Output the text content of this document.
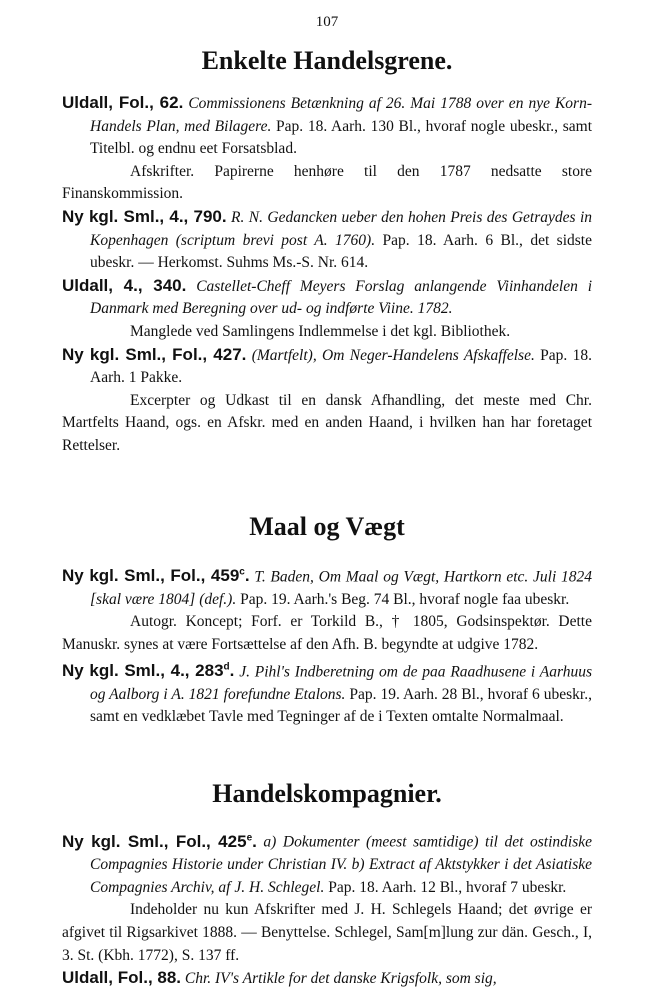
107
Enkelte Handelsgrene.

Uldall, Fol., 62. Commissionens Betænkning af 26. Mai 1788 over en nye Korn-Handels Plan, med Bilagere. Pap. 18. Aarh. 130 Bl., hvoraf nogle ubeskr., samt Titelbl. og endnu eet Forsatsblad.

Afskrifter. Papirerne henhøre til den 1787 nedsatte store Finanskommission.

Ny kgl. Sml., 4., 790. R. N. Gedancken ueber den hohen Preis des Getraydes in Kopenhagen (scriptum brevi post A. 1760). Pap. 18. Aarh. 6 Bl., det sidste ubeskr. — Herkomst. Suhms Ms.-S. Nr. 614.

Uldall, 4., 340. Castellet-Cheff Meyers Forslag anlangende Viinhandelen i Danmark med Beregning over ud- og indførte Viine. 1782.

Manglede ved Samlingens Indlemmelse i det kgl. Bibliothek.

Ny kgl. Sml., Fol., 427. (Martfelt), Om Neger-Handelens Afskaffelse. Pap. 18. Aarh. 1 Pakke.

Excerpter og Udkast til en dansk Afhandling, det meste med Chr. Martfelts Haand, ogs. en Afskr. med en anden Haand, i hvilken han har foretaget Rettelser.

Maal og Vægt

Ny kgl. Sml., Fol., 459$^c$. T. Baden, Om Maal og Vægt, Hartkorn etc. Juli 1824 [skal være 1804] (def.). Pap. 19. Aarh.'s Beg. 74 Bl., hvoraf nogle faa ubeskr.

Autogr. Koncept; Forf. er Torkild B., † 1805, Godsinspektør. Dette Manuskr. synes at være Fortsættelse af den Afh. B. begyndte at udgive 1782.

Ny kgl. Sml., 4., 283$^d$. J. Pihl's Indberetning om de paa Raadhusene i Aarhuus og Aalborg i A. 1821 forefundne Etalons. Pap. 19. Aarh. 28 Bl., hvoraf 6 ubeskr., samt en vedklæbet Tavle med Tegninger af de i Texten omtalte Normalmaal.

Handelskompagnier.

Ny kgl. Sml., Fol., 425e. a) Dokumenter (meest samtidige) til det ostindiske Compagnies Historie under Christian IV. b) Extract af Aktstykker i det Asiatiske Compagnies Archiv, af J. H. Schlegel. Pap. 18. Aarh. 12 Bl., hvoraf 7 ubeskr.

Indeholder nu kun Afskrifter med J. H. Schlegels Haand; det øvrige er afgivet til Rigsarkivet 1888. — Benyttelse. Schlegel, Sam[m]lung zur dän. Gesch., I, 3. St. (Kbh. 1772), S. 137 ff.

Uldall, Fol., 88. Chr. IV's Artikle for det danske Krigsfolk, som sig,
